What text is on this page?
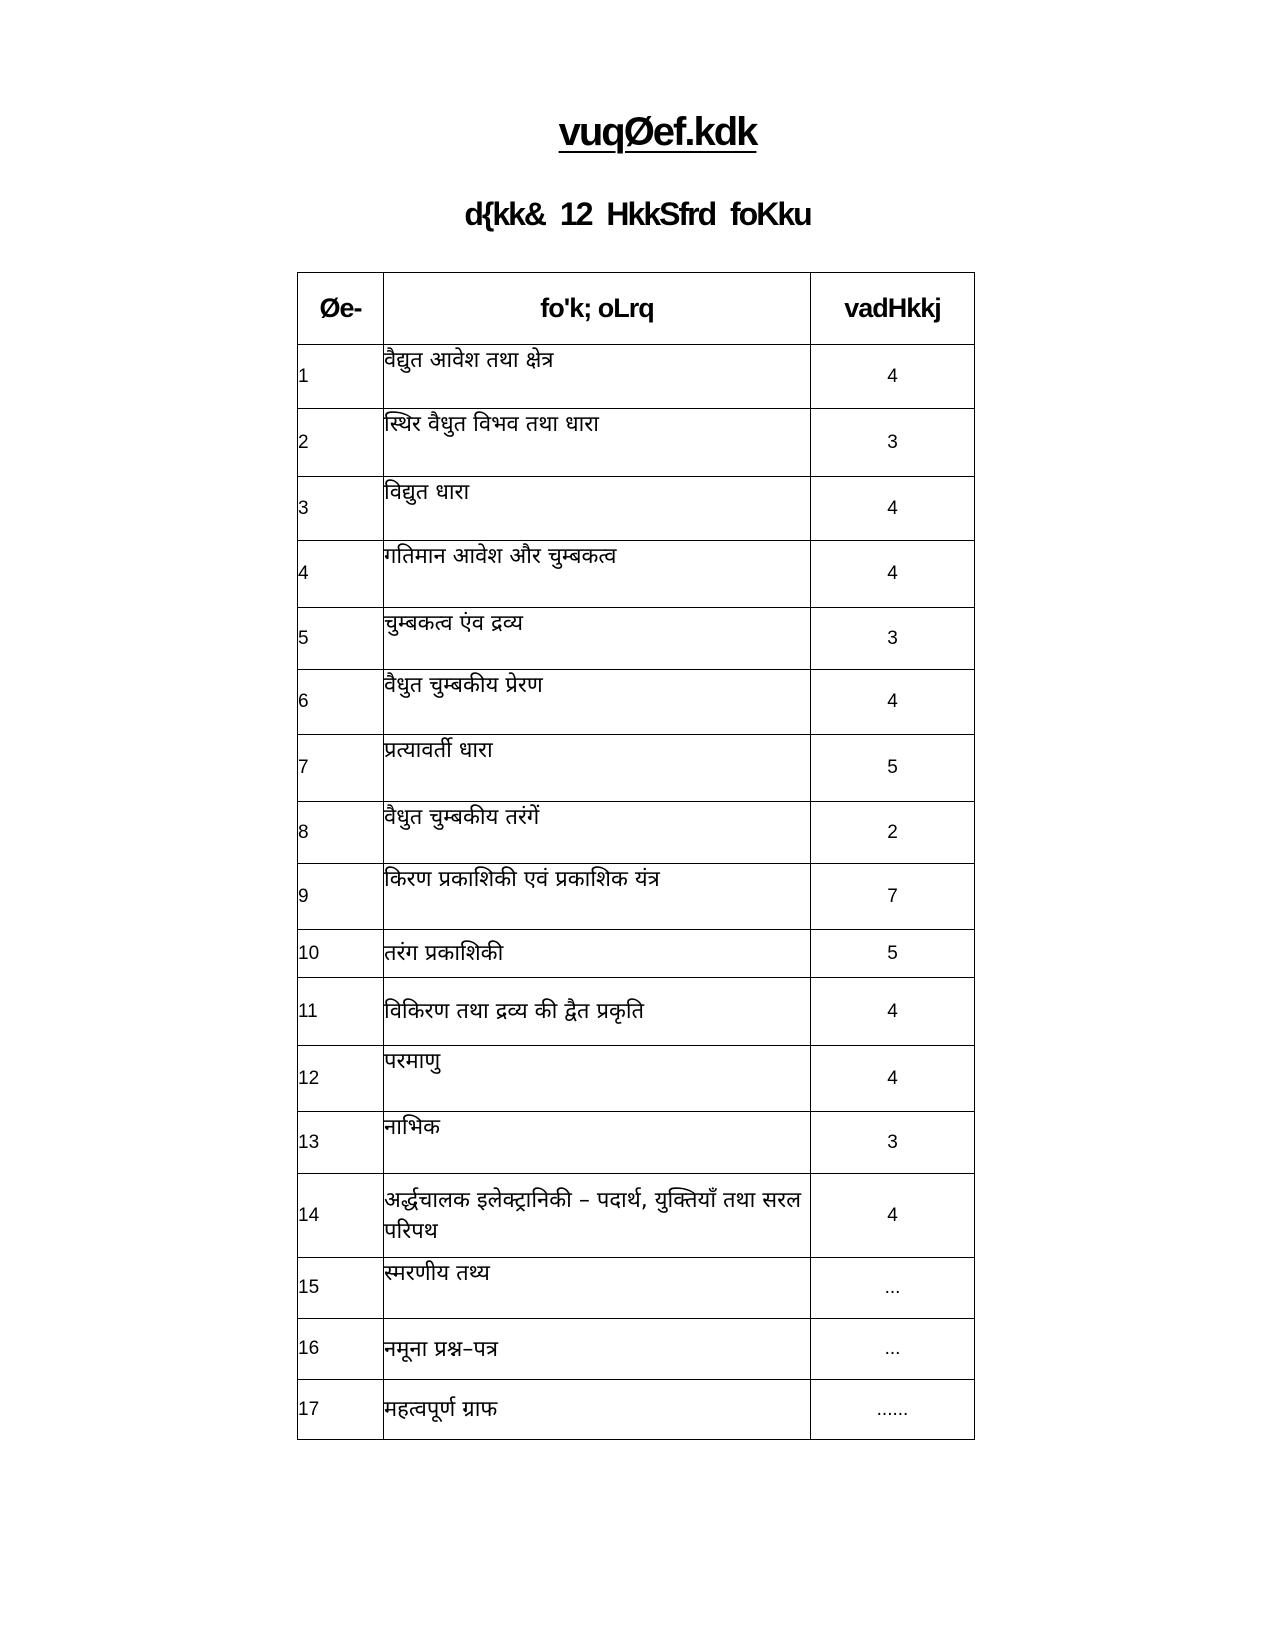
vuqØef.kdk
d{kk& 12 HkkSfrd foKku
Øe-	fo'k; oLrq	vadHkkj
1	वैद्युत आवेश तथा क्षेत्र	4
2	स्थिर वैधुत विभव तथा धारा	3
3	विद्युत धारा	4
4	गतिमान आवेश और चुम्बकत्व	4
5	चुम्बकत्व एंव द्रव्य	3
6	वैधुत चुम्बकीय प्रेरण	4
7	प्रत्यावर्ती धारा	5
8	वैधुत चुम्बकीय तरंगें	2
9	किरण प्रकाशिकी एवं प्रकाशिक यंत्र	7
10	तरंग प्रकाशिकी	5
11	विकिरण तथा द्रव्य की द्वैत प्रकृति	4
12	परमाणु	4
13	नाभिक	3
14	अर्द्धचालक इलेक्ट्रानिकी – पदार्थ, युक्तियाँ तथा सरल परिपथ	4
15	स्मरणीय तथ्य	...
16	नमूना प्रश्न–पत्र	...
17	महत्वपूर्ण ग्राफ	......
